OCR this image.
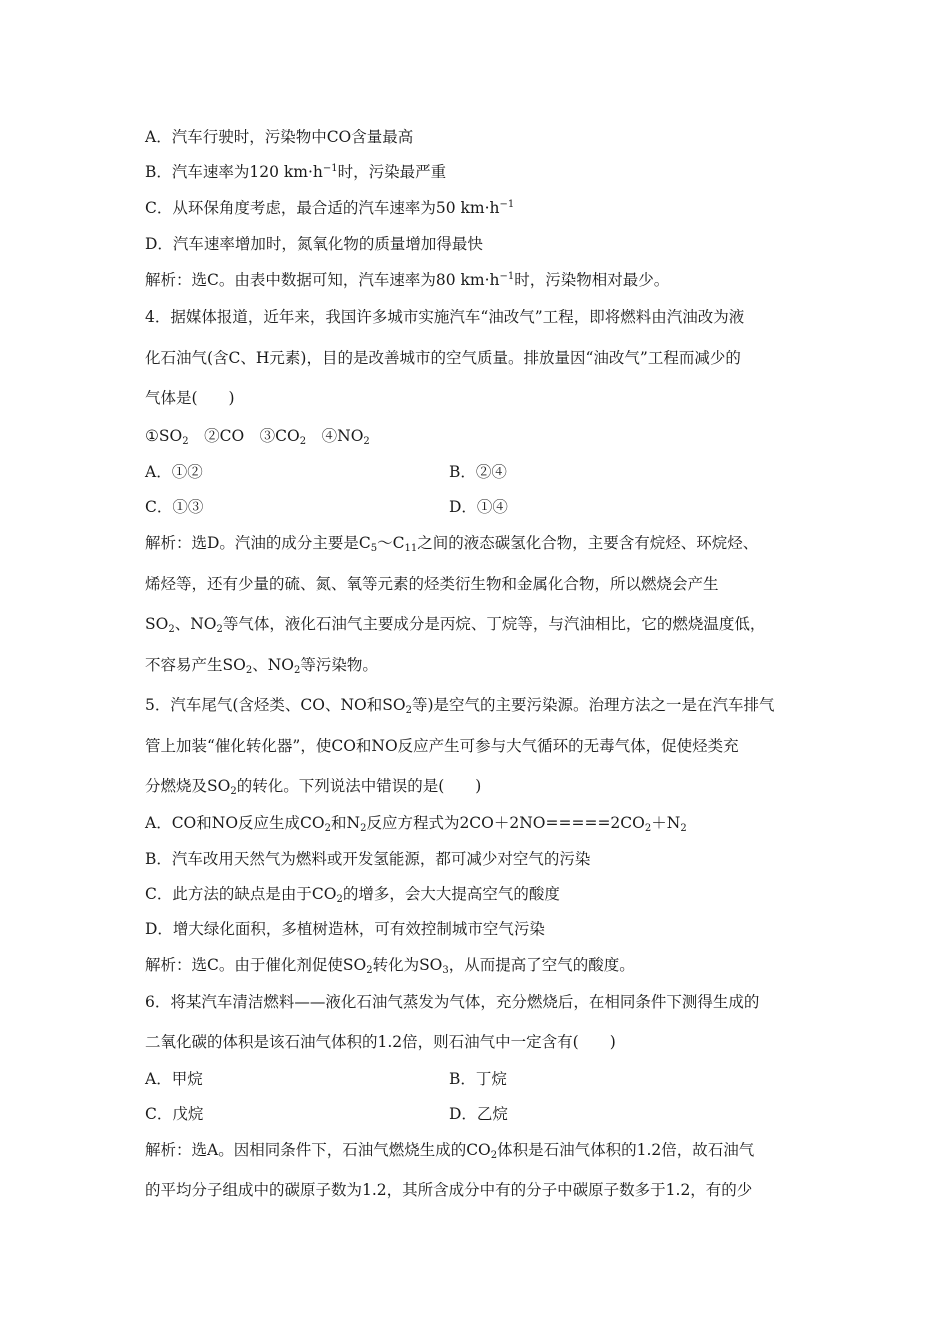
A．汽车行驶时，污染物中CO含量最高
B．汽车速率为120 $km\cdot h^{-1}$时，污染最严重
C．从环保角度考虑，最合适的汽车速率为50 $km\cdot h^{-1}$
D．汽车速率增加时，氮氧化物的质量增加得最快
解析：选C。由表中数据可知，汽车速率为80 $km\cdot h^{-1}$时，污染物相对最少。
4．据媒体报道，近年来，我国许多城市实施汽车“油改气”工程，即将燃料由汽油改为液
化石油气(含C、H元素)，目的是改善城市的空气质量。排放量因“油改气”工程而减少的
气体是(　　)
$①SO_2$　②CO　$③CO_2$　$④NO_2$
A．①②	B．②④
C．①③	D．①④
解析：选D。汽油的成分主要是$C_5\sim C_{11}$之间的液态碳氢化合物，主要含有烷烃、环烷烃、
烯烃等，还有少量的硫、氮、氧等元素的烃类衍生物和金属化合物，所以燃烧会产生
$SO_2$、$NO_2$等气体，液化石油气主要成分是丙烷、丁烷等，与汽油相比，它的燃烧温度低，
不容易产生$SO_2$、$NO_2$等污染物。
5．汽车尾气(含烃类、CO、NO和$SO_2$等)是空气的主要污染源。治理方法之一是在汽车排气
管上加装“催化转化器”，使CO和NO反应产生可参与大气循环的无毒气体，促使烃类充
分燃烧及$SO_2$的转化。下列说法中错误的是(　　)
A．CO和NO反应生成$CO_2$和$N_2$反应方程式为$2CO+2NO=====2CO_2+N_2$
B．汽车改用天然气为燃料或开发氢能源，都可减少对空气的污染
C．此方法的缺点是由于$CO_2$的增多，会大大提高空气的酸度
D．增大绿化面积，多植树造林，可有效控制城市空气污染
解析：选C。由于催化剂促使$SO_2$转化为$SO_3$，从而提高了空气的酸度。
6．将某汽车清洁燃料——液化石油气蒸发为气体，充分燃烧后，在相同条件下测得生成的
二氧化碳的体积是该石油气体积的1.2倍，则石油气中一定含有(　　)
A．甲烷	B．丁烷
C．戊烷	D．乙烷
解析：选A。因相同条件下，石油气燃烧生成的$CO_2$体积是石油气体积的1.2倍，故石油气
的平均分子组成中的碳原子数为1.2，其所含成分中有的分子中碳原子数多于1.2，有的少
